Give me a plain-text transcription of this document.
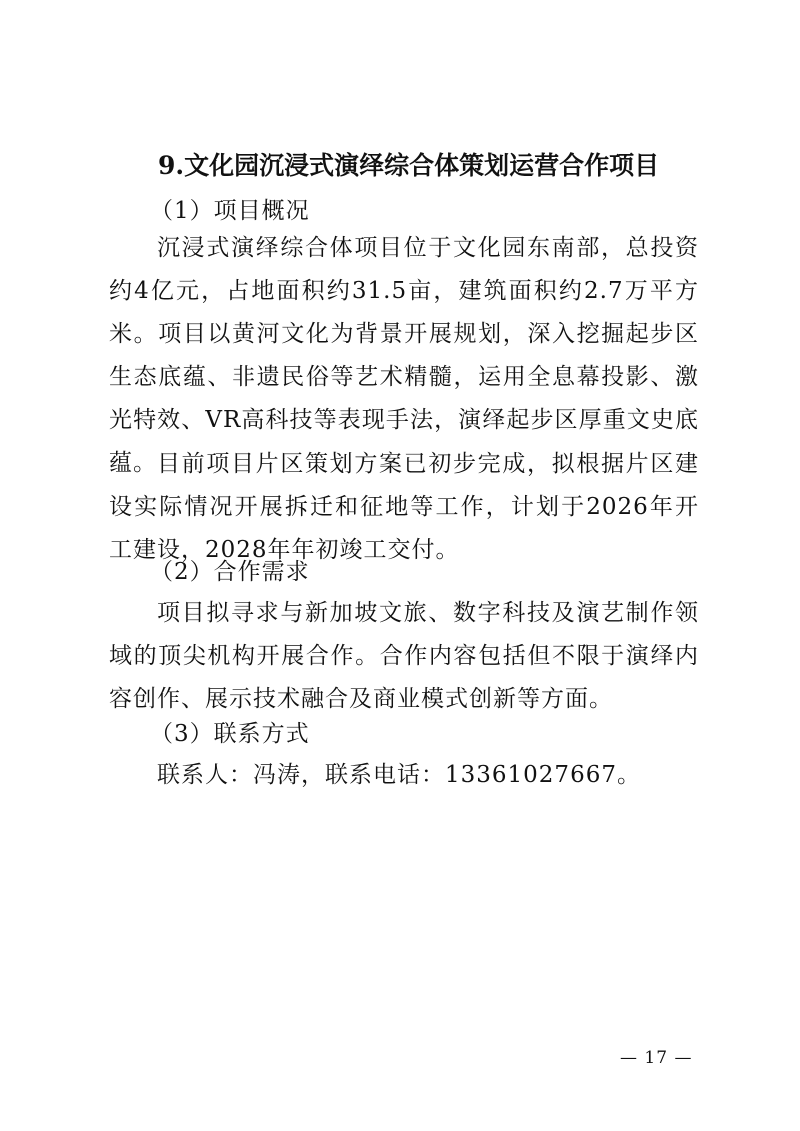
9.文化园沉浸式演绎综合体策划运营合作项目
（1）项目概况
沉浸式演绎综合体项目位于文化园东南部，总投资约4亿元，占地面积约31.5亩，建筑面积约2.7万平方米。项目以黄河文化为背景开展规划，深入挖掘起步区生态底蕴、非遗民俗等艺术精髓，运用全息幕投影、激光特效、VR高科技等表现手法，演绎起步区厚重文史底蕴。 目前项目片区策划方案已初步完成，拟根据片区建设实际情况开展拆迁和征地等工作，计划于2026年开工建设，2028年年初竣工交付。
（2）合作需求
项目拟寻求与新加坡文旅、数字科技及演艺制作领域的顶尖机构开展合作。合作内容包括但不限于演绎内容创作、展示技术融合及商业模式创新等方面。
（3）联系方式
联系人：冯涛，联系电话：13361027667。
— 17 —
